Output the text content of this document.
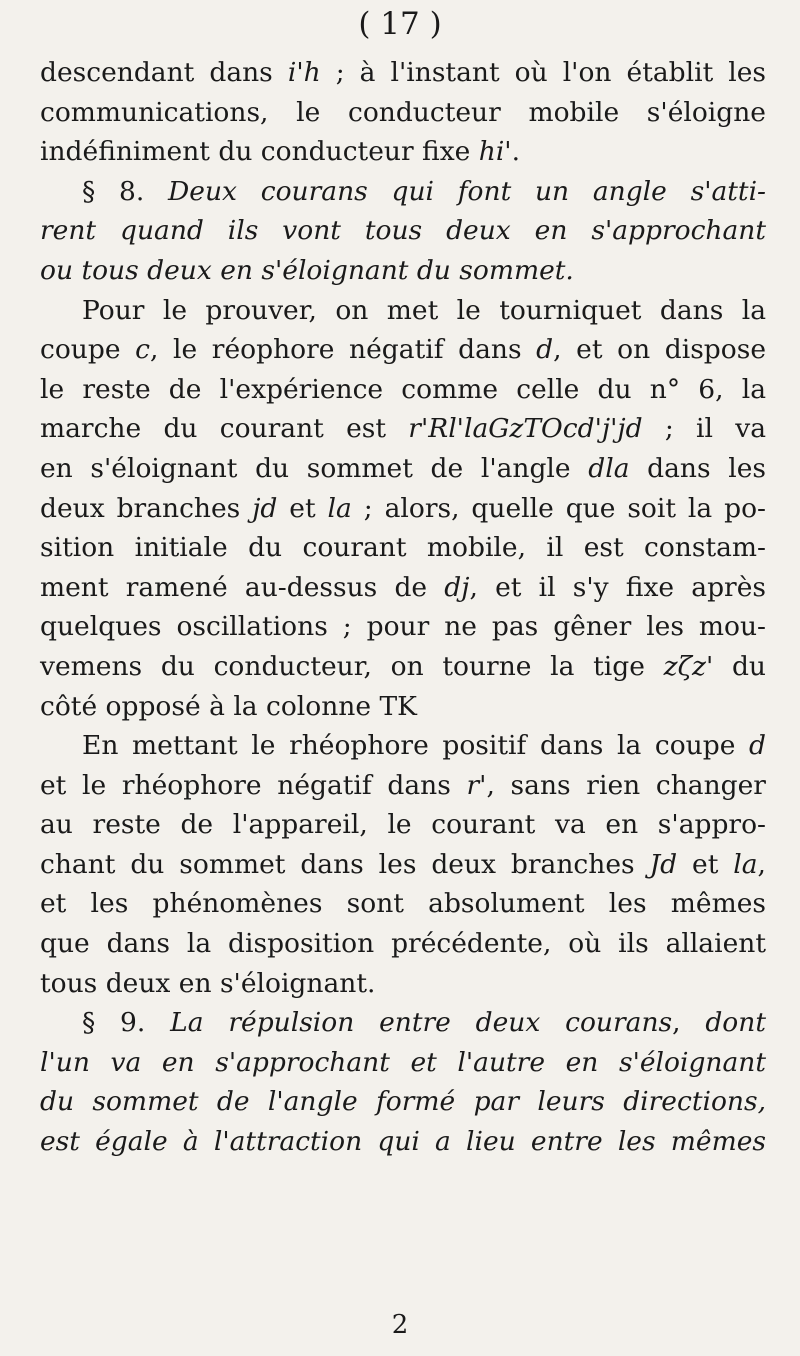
( 17 )
descendant dans i'h ; à l'instant où l'on établit les
communications, le conducteur mobile s'éloigne
indéfiniment du conducteur fixe hi'.
§ 8. Deux courans qui font un angle s'atti-
rent quand ils vont tous deux en s'approchant
ou tous deux en s'éloignant du sommet.
Pour le prouver, on met le tourniquet dans la
coupe c, le réophore négatif dans d, et on dispose
le reste de l'expérience comme celle du n° 6, la
marche du courant est r'Rl'laGzTOcd'j'jd ; il va
en s'éloignant du sommet de l'angle dla dans les
deux branches jd et la ; alors, quelle que soit la po-
sition initiale du courant mobile, il est constam-
ment ramené au-dessus de dj, et il s'y fixe après
quelques oscillations ; pour ne pas gêner les mou-
vemens du conducteur, on tourne la tige zζz' du
côté opposé à la colonne TK
En mettant le rhéophore positif dans la coupe d
et le rhéophore négatif dans r', sans rien changer
au reste de l'appareil, le courant va en s'appro-
chant du sommet dans les deux branches Jd et la,
et les phénomènes sont absolument les mêmes
que dans la disposition précédente, où ils allaient
tous deux en s'éloignant.
§ 9. La répulsion entre deux courans, dont
l'un va en s'approchant et l'autre en s'éloignant
du sommet de l'angle formé par leurs directions,
est égale à l'attraction qui a lieu entre les mêmes
2
